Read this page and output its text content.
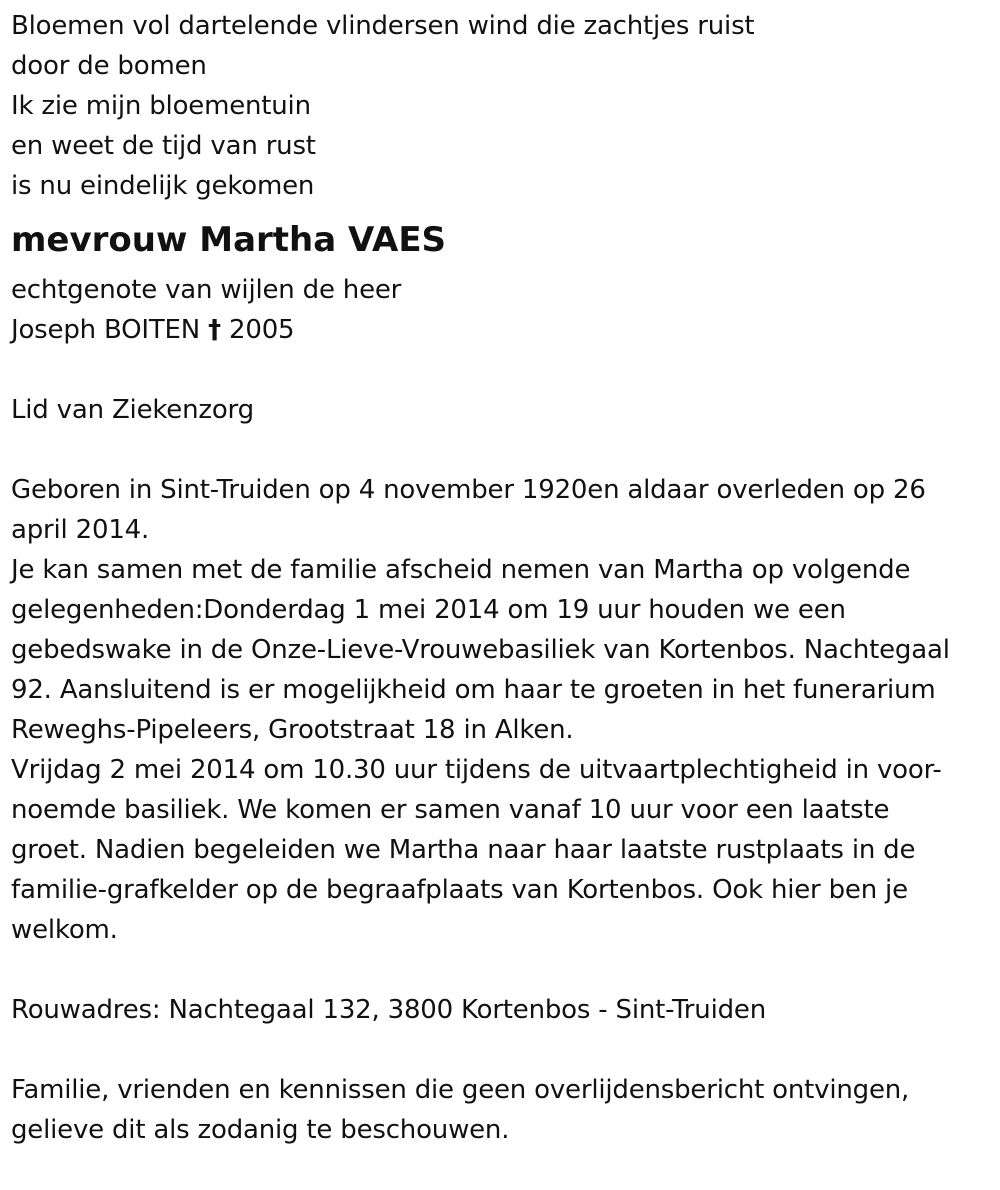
Bloemen vol dartelende vlindersen wind die zachtjes ruist
door de bomen
Ik zie mijn bloementuin
en weet de tijd van rust
is nu eindelijk gekomen
mevrouw Martha VAES
echtgenote van wijlen de heer
Joseph BOITEN † 2005
Lid van Ziekenzorg
Geboren in Sint-Truiden op 4 november 1920en aldaar overleden op 26
april 2014.
Je kan samen met de familie afscheid nemen van Martha op volgende
gelegenheden:Donderdag 1 mei 2014 om 19 uur houden we een
gebedswake in de Onze-Lieve-Vrouwebasiliek van Kortenbos. Nachtegaal
92. Aansluitend is er mogelijkheid om haar te groeten in het funerarium
Reweghs-Pipeleers, Grootstraat 18 in Alken.
Vrijdag 2 mei 2014 om 10.30 uur tijdens de uitvaartplechtigheid in voor-
noemde basiliek. We komen er samen vanaf 10 uur voor een laatste
groet. Nadien begeleiden we Martha naar haar laatste rustplaats in de
familie-grafkelder op de begraafplaats van Kortenbos. Ook hier ben je
welkom.
Rouwadres: Nachtegaal 132, 3800 Kortenbos - Sint-Truiden
Familie, vrienden en kennissen die geen overlijdensbericht ontvingen,
gelieve dit als zodanig te beschouwen.
